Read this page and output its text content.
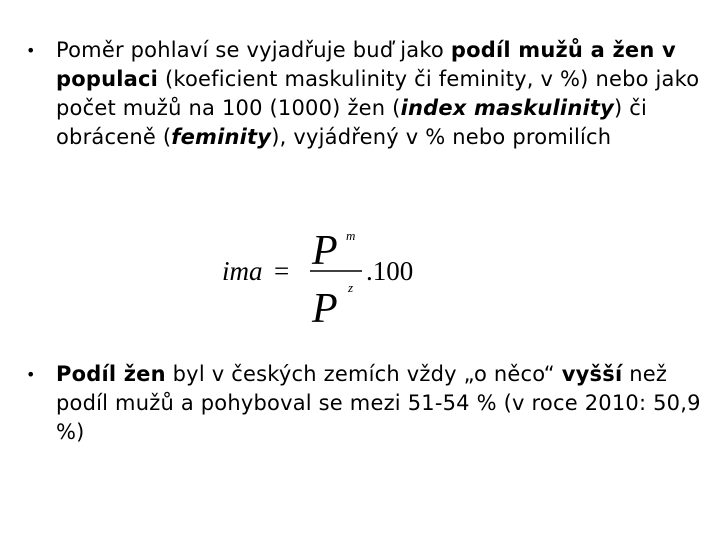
• Poměr pohlaví se vyjadřuje buď jako podíl mužů a žen v populaci (koeficient maskulinity či feminity, v %) nebo jako počet mužů na 100 (1000) žen (index maskulinity) či obráceně (feminity), vyjádřený v % nebo promilích
ima = P m
P z
.100
• Podíl žen byl v českých zemích vždy „o něco“ vyšší než podíl mužů a pohyboval se mezi 51-54 % (v roce 2010: 50,9 %)
